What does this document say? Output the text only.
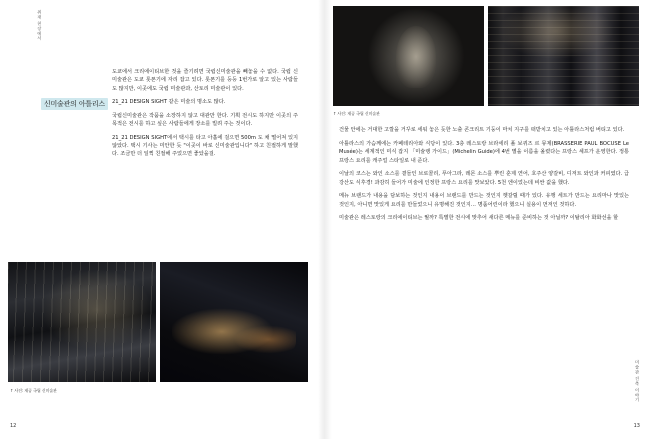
취재 현장에서
신미술관의 아틀리스

도쿄에서 크리에이티브한 것을 즐기려면 국립신미술관을 빼놓을 수 없다. 국립 신미술관은 도쿄 롯폰기에 자리 잡고 있다. 롯폰기를 등등 1번가로 알고 있는 사람들도 많지만, 이곳에도 국립 미술관과, 산토리 미술관이 있다.

21_21 DESIGN SIGHT 같은 미술의 명소도 많다.

국립신미술관은 작품을 소장하지 않고 대관만 한다. 기획 전시도 하지만 이곳의 주목적은 전시를 하고 싶은 사람들에게 장소를 빌려 주는 것이다.

21_21 DESIGN SIGHT에서 택시를 타고 아홉에 걸으면 500m 도 채 떨어져 있지 않았다. 택시 기사는 미안한 듯 "이곳이 바로 신미술관입니다" 하고 친절하게 말했다. 조금만 더 일찍 친절해 주었으면 좋았을걸.

↑ 사진: 제공 국립 신미술관
12
↑ 사진: 제공 국립 신미술관

건물 안에는 거대한 고깔을 거꾸로 세워 놓은 듯한 노출 콘크리트 기둥이 마치 지구를 떠받치고 있는 아틀라스처럼 버티고 있다.

아틀라스의 가슴께에는 카페테리아와 식당이 있다. 3층 레스토랑 브라세리 폴 보퀴즈 르 뮤제(BRASSERIE PAUL BOCUSE Le Musée)는 세계적인 미식 잡지 「미슐랭 가이드」(Michelin Guide)에 4번 별을 이름을 올렸다는 프랑스 셰프가 운영한다. 정통 프랑스 요리를 캐주얼 스타일로 내 준다.

이날의 코스는 와인 소스를 곁들인 브로콜리, 푸아그라, 레몬 소스를 뿌린 훈제 연어, 호주산 양갈비, 디저트 와인과 커피였다. 급 강산도 식후경! 과감히 들어가 미술에 인정한 프랑스 요리를 맛보았다. 5천 엔이었는데 비싼 값을 했다.

메뉴 브랜드가 내용을 담보하는 것인지 내용이 브랜드를 만드는 것인지 헷갈릴 때가 있다. 유행 세트가 만드는 요리마나 맛있는 것인지, 아니면 맛있게 요리를 만들었으니 유명해진 것인지… 명품어린이라 했으니 실용이 먼저인 것하다.

미술관은 레스토랑의 크리에이티브는 뭘까? 특별한 전시에 맞추어 새다른 메뉴를 준비하는 것 아닐까? 이탈리아 화화선을 할

미술관 건축 이야기
13
